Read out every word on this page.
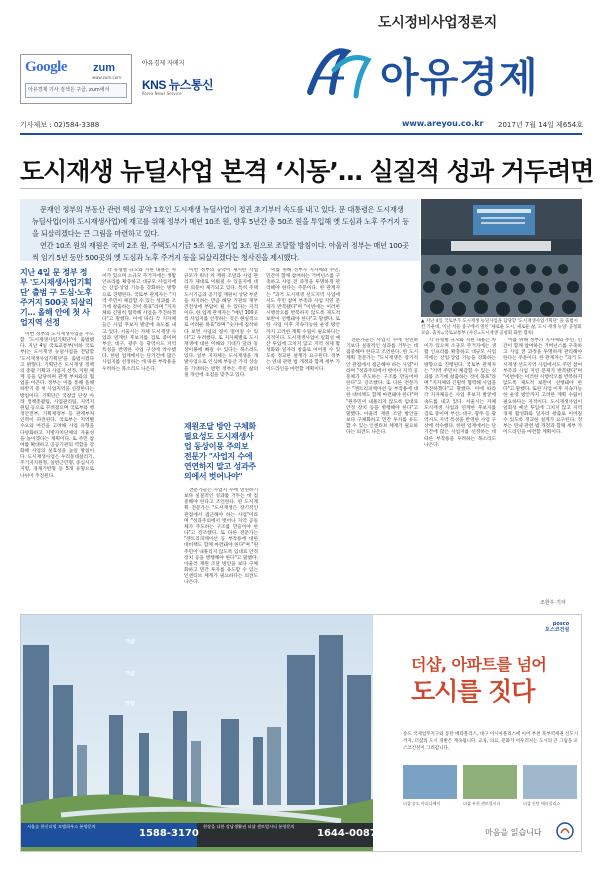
Google zum
www.zum.com
아유경제 기사 검색은 구글, zum에서
아유경제 자매지
KNS 뉴스통신
Korea News Service
도시정비사업정론지
아유경제
기사제보 : 02)584-3388	www.areyou.co.kr 2017년 7월 14일 제654호
도시재생 뉴딜사업 본격 ‘시동’… 실질적 성과 거두려면

문재인 정부의 부동산 관련 핵심 공약 1호인 도시재생 뉴딜사업이 정권 초기부터 속도를 내고 있다. 문 대통령은 도시재생 뉴딜사업(이하 도시재생사업)에 재고를 위해 정부가 매년 10조 원, 향후 5년간 총 50조 원을 투입해 옛 도심과 노후 주거지 등을 되살리겠다는 큰 그림을 마련하고 있다.

연간 10조 원의 재원은 국비 2조 원, 주택도시기금 5조 원, 공기업 3조 원으로 조달할 방침이다. 아울러 정부는 매년 100곳씩 임기 5년 동안 500곳의 옛 도심과 노후 주거지 등을 되살리겠다는 청사진을 제시했다.

▲ 지난 4일 국토부가 도시재생 뉴딜사업을 담당할 '도시재생사업기획단' 을 출범시킨 가운데, 이날 서울 중구에서 열린 '새로운 도시, 새로운 삶, 도시 재생 뉴딜' 공청회 모습. 출처=국토교통부 (사진=도시재생 공청회 화면 캡처)
지난 4일 문 정부 정부 '도시재생사업기획단' 출범 구 도심·노후 주거지 500곳 되살리기… 올해 안에 첫 사업지역 선정

이번 정부의 도시재생사업을 주도할 '도시재생사업기획단'이 출범했다. 지난 4일 국토교통부(이하 국토부)는 도시재생 뉴딜사업을 전담할 '도시재생사업기획단'을 출범시켰다고 밝혔다. 기획단은 도시재생 정책의 총괄 기획과 사업지 선정, 지원 체계 등을 담당하며 관계 부처와의 협업을 이끈다. 정부는 이를 통해 올해 하반기 중 첫 사업지역을 선정한다는 방침이다. 기획단은 국장급 단장 아래 정책총괄팀, 사업관리팀, 지역지원팀 등으로 꾸려졌으며 국토부와 행정안전부, 기획재정부 등 관계부처 인력이 파견된다. 국토부는 지역별 수요와 여건을 고려해 사업 유형을 다양화하고 지방자치단체의 자율성을 높이겠다는 계획이다. 또 주민 참여를 확대하고 공공기관의 역할을 강화해 사업의 실효성을 높일 방침이다. 도시재생사업은 우리동네살리기, 주거지지원형, 일반근린형, 중심시가지형, 경제기반형 등 5개 유형으로 나뉘어 추진된다.

각 유형별 규모와 지원 내용은 차이가 있으며 소규모 주거지에는 생활 인프라를 확충하고 대규모 사업지에는 산업·상업 기능을 강화하는 방향으로 진행된다. 국토부 관계자는 "지역 주민이 체감할 수 있는 성과를 조기에 창출하는 것이 목표"라며 "지자체와 긴밀히 협력해 사업을 추진하겠다"고 말했다. 이에 따라 각 지자체들은 사업 후보지 발굴에 속도를 내고 있다. 서울시는 자체 도시재생 사업과 연계한 후보지를 검토 중이며 부산, 대구, 광주 등 광역시도 지역 특성을 반영한 사업 구상에 착수했다. 한편 업계에서는 단기간에 많은 사업지를 선정하는 데 따른 부작용을 우려하는 목소리도 나온다.

재원조달 방안 구체화 필요성도 도시재생사업 동상이몽 주의보 전문가 "사업지 수에 연연하지 말고 성과주의에서 벗어나야"

이번 정부의 공약이 제시한 사업 규모가 워낙 커 재원 조달과 사업 관리가 제대로 이뤄질 수 있을지에 대한 의문이 제기되고 있다. 특히 주택도시기금과 공기업 재원이 상당 부분을 차지하는 만큼 해당 기관의 재무 건전성에 부담이 될 수 있다는 지적이다. 한 업계 관계자는 "매년 100곳씩 사업지를 선정하는 것은 현실적으로 어려운 목표"라며 "숫자에 집착하다 보면 사업의 질이 떨어질 수 있다"고 우려했다. 또 지자체별로 도시재생에 대한 이해와 기대가 달라 동상이몽에 빠질 수 있다는 목소리도 있다. 일부 지자체는 도시재생을 개발사업으로 인식해 부동산 가격 상승을 기대하는 반면 정부는 주민 삶의 질 개선에 초점을 맞추고 있다.

전문가들은 사업지 수에 연연하기보다 실질적인 성과를 거두는 데 집중해야 한다고 조언한다. 한 도시계획 전문가는 "도시재생은 장기적인 관점에서 접근해야 하는 사업"이라며 "성과주의에서 벗어나 지역 공동체가 주도하는 구조를 만들어야 한다"고 강조했다. 또 다른 전문가는 "젠트리피케이션 등 부작용에 대한 대비책도 함께 마련돼야 한다"며 "원주민이 내몰리지 않도록 임대료 안정 장치 등을 병행해야 한다"고 말했다. 아울러 재원 조달 방안을 보다 구체화하고 민간 투자를 유도할 수 있는 인센티브 체계가 필요하다는 의견도 나온다.

이를 위해 정부가 지자체와 주민, 민간이 함께 참여하는 거버넌스를 구축하고 사업 전 과정을 투명하게 관리해야 한다는 주문이다. 한 관계자는 "과거 도시재생 선도지역 사업에서도 주민 참여 부족과 사업 지연 문제가 반복됐다"며 "이번에는 이러한 시행착오를 반복하지 않도록 제도적 보완이 선행돼야 한다"고 말했다. 또한 사업 이후 지속가능한 운영 방안까지 고려한 계획 수립이 필요하다는 지적이다. 도시재생사업이 일회성 예산 투입에 그치지 않고 지역 경제 활성화와 일자리 창출로 이어질 수 있도록 정교한 설계가 요구된다. 정부는 연내 관련 법 개정과 함께 세부 가이드라인을 마련할 계획이다.

전문가들은 사업지 수에 연연하기보다 실질적인 성과를 거두는 데 집중해야 한다고 조언한다. 한 도시계획 전문가는 "도시재생은 장기적인 관점에서 접근해야 하는 사업"이라며 "성과주의에서 벗어나 지역 공동체가 주도하는 구조를 만들어야 한다"고 강조했다. 또 다른 전문가는 "젠트리피케이션 등 부작용에 대한 대비책도 함께 마련돼야 한다"며 "원주민이 내몰리지 않도록 임대료 안정 장치 등을 병행해야 한다"고 말했다. 아울러 재원 조달 방안을 보다 구체화하고 민간 투자를 유도할 수 있는 인센티브 체계가 필요하다는 의견도 나온다.

각 유형별 규모와 지원 내용은 차이가 있으며 소규모 주거지에는 생활 인프라를 확충하고 대규모 사업지에는 산업·상업 기능을 강화하는 방향으로 진행된다. 국토부 관계자는 "지역 주민이 체감할 수 있는 성과를 조기에 창출하는 것이 목표"라며 "지자체와 긴밀히 협력해 사업을 추진하겠다"고 말했다. 이에 따라 각 지자체들은 사업 후보지 발굴에 속도를 내고 있다. 서울시는 자체 도시재생 사업과 연계한 후보지를 검토 중이며 부산, 대구, 광주 등 광역시도 지역 특성을 반영한 사업 구상에 착수했다. 한편 업계에서는 단기간에 많은 사업지를 선정하는 데 따른 부작용을 우려하는 목소리도 나온다.

이를 위해 정부가 지자체와 주민, 민간이 함께 참여하는 거버넌스를 구축하고 사업 전 과정을 투명하게 관리해야 한다는 주문이다. 한 관계자는 "과거 도시재생 선도지역 사업에서도 주민 참여 부족과 사업 지연 문제가 반복됐다"며 "이번에는 이러한 시행착오를 반복하지 않도록 제도적 보완이 선행돼야 한다"고 말했다. 또한 사업 이후 지속가능한 운영 방안까지 고려한 계획 수립이 필요하다는 지적이다. 도시재생사업이 일회성 예산 투입에 그치지 않고 지역 경제 활성화와 일자리 창출로 이어질 수 있도록 정교한 설계가 요구된다. 정부는 연내 관련 법 개정과 함께 세부 가이드라인을 마련할 계획이다.

조한우 기자
더샵
더샵
더샵
서울숲 한신더힐 모델하우스 분양문의
1588-3170
현장을 다한 강남생활권 더샵 센트럴시티 분양문의
1644-0087
posco
포스코건설
더샵, 아파트를 넘어
도시를 짓다
송도 국제업무지구와 동탄 메타폴리스, 대구 이시아폴리스에 이어 부천 북부역세권 신도시까지, 더샵의 도시 개발은 계속됩니다. 교육, 의료, 문화가 어우러지는 도시의 큰 그림을 포스코건설이 그려갑니다.
더샵 송도 마리나베이	더샵 부천 센트럴시티	더샵 동탄 메타폴리스
마음을 읽습니다
